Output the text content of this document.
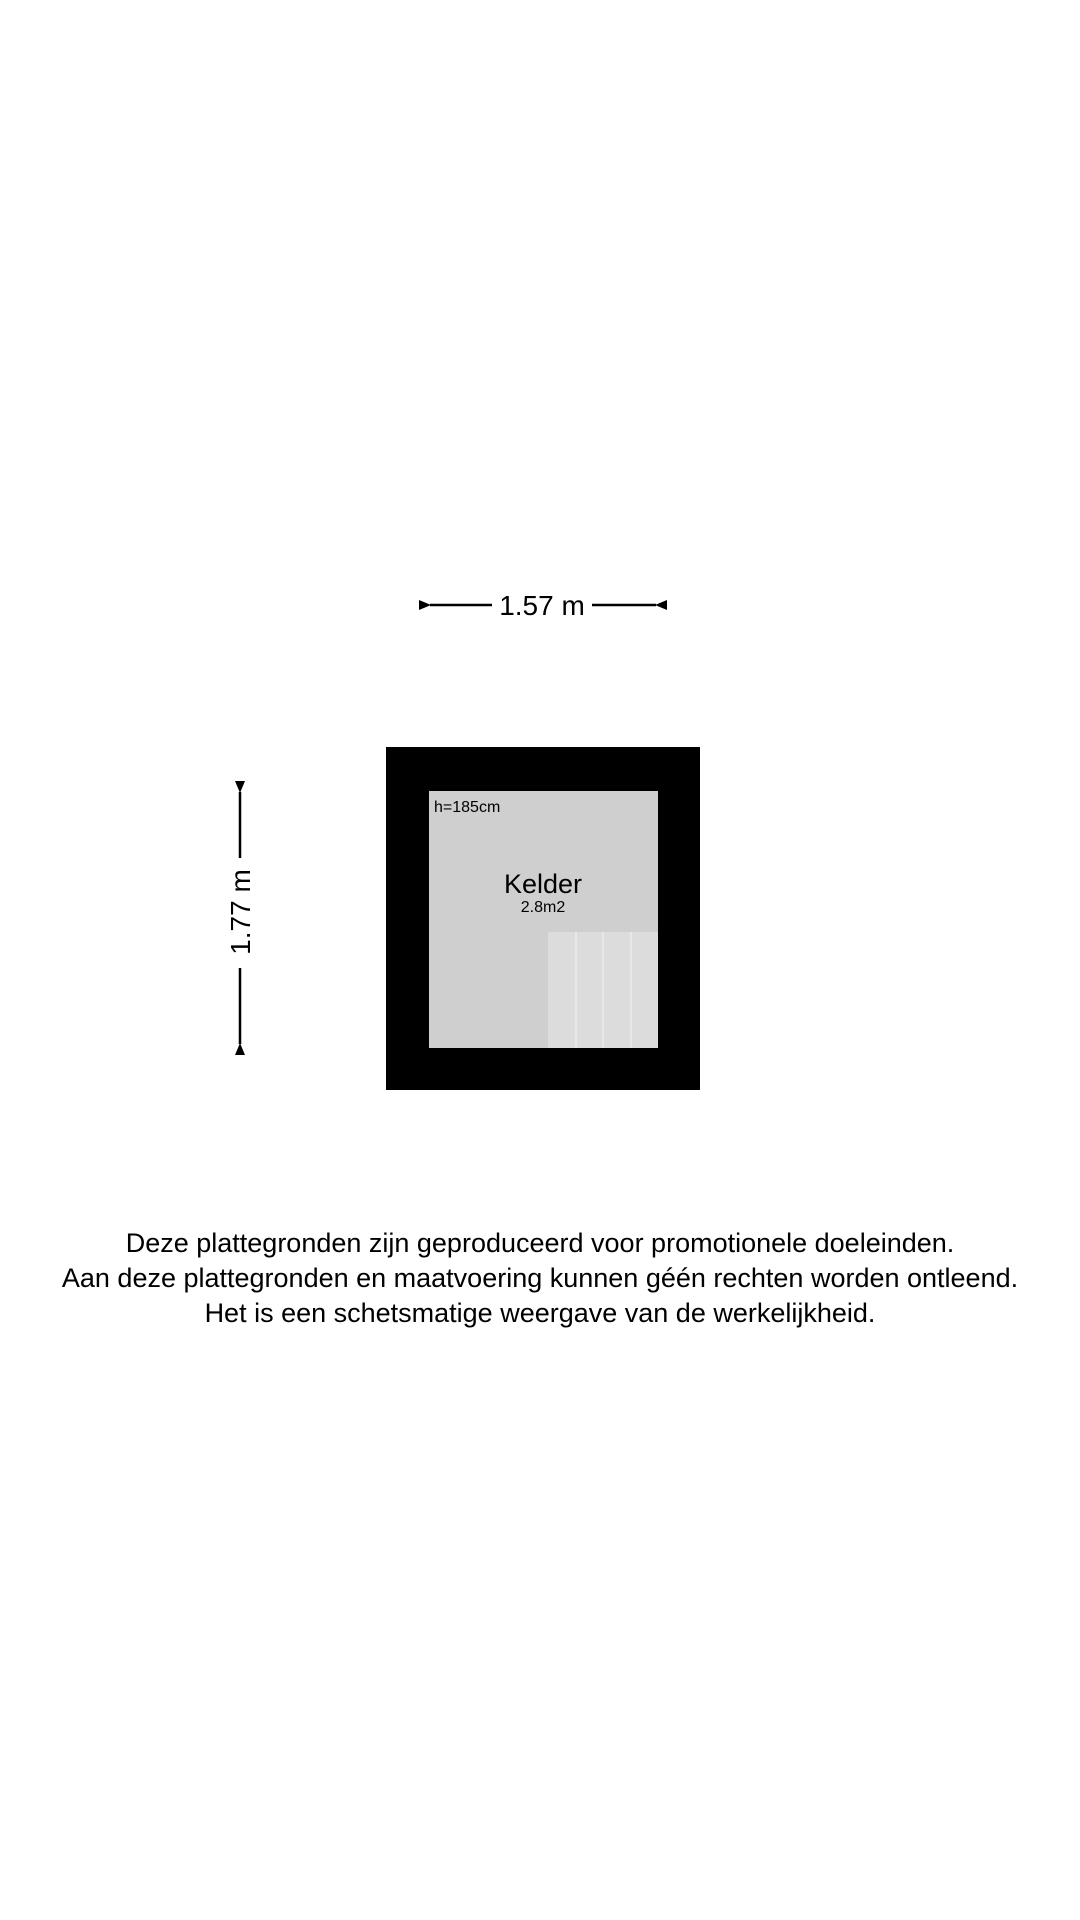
1.57 m
1.77 m
h=185cm
Kelder
2.8m2
Deze plattegronden zijn geproduceerd voor promotionele doeleinden.
Aan deze plattegronden en maatvoering kunnen géén rechten worden ontleend.
Het is een schetsmatige weergave van de werkelijkheid.
